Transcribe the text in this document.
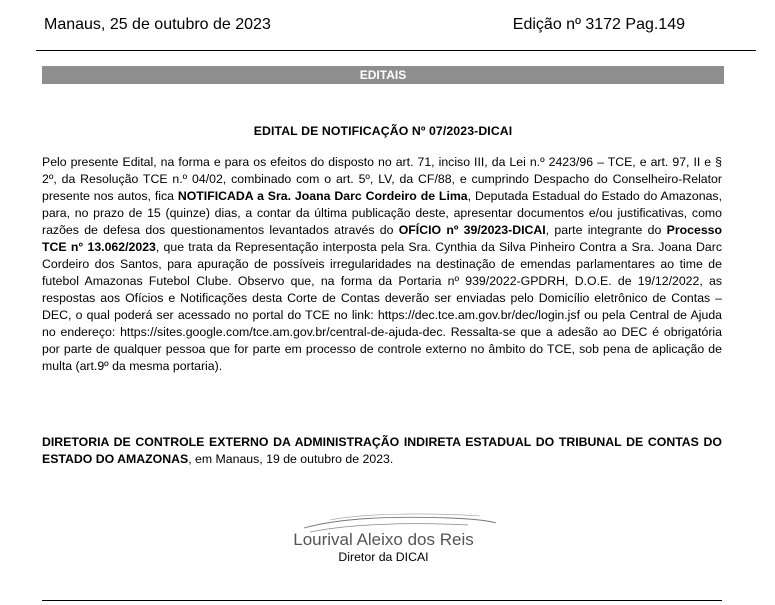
Manaus, 25 de outubro de 2023	Edição nº 3172 Pag.149
EDITAIS
EDITAL DE NOTIFICAÇÃO Nº 07/2023-DICAI

Pelo presente Edital, na forma e para os efeitos do disposto no art. 71, inciso III, da Lei n.º 2423/96 – TCE, e art. 97, II e § 2º, da Resolução TCE n.º 04/02, combinado com o art. 5º, LV, da CF/88, e cumprindo Despacho do Conselheiro-Relator presente nos autos, fica NOTIFICADA a Sra. Joana Darc Cordeiro de Lima, Deputada Estadual do Estado do Amazonas, para, no prazo de 15 (quinze) dias, a contar da última publicação deste, apresentar documentos e/ou justificativas, como razões de defesa dos questionamentos levantados através do OFÍCIO nº 39/2023-DICAI, parte integrante do Processo TCE n° 13.062/2023, que trata da Representação interposta pela Sra. Cynthia da Silva Pinheiro Contra a Sra. Joana Darc Cordeiro dos Santos, para apuração de possíveis irregularidades na destinação de emendas parlamentares ao time de futebol Amazonas Futebol Clube. Observo que, na forma da Portaria nº 939/2022-GPDRH, D.O.E. de 19/12/2022, as respostas aos Ofícios e Notificações desta Corte de Contas deverão ser enviadas pelo Domicílio eletrônico de Contas – DEC, o qual poderá ser acessado no portal do TCE no link: https://dec.tce.am.gov.br/dec/login.jsf ou pela Central de Ajuda no endereço: https://sites.google.com/tce.am.gov.br/central-de-ajuda-dec. Ressalta-se que a adesão ao DEC é obrigatória por parte de qualquer pessoa que for parte em processo de controle externo no âmbito do TCE, sob pena de aplicação de multa (art.9º da mesma portaria).

DIRETORIA DE CONTROLE EXTERNO DA ADMINISTRAÇÃO INDIRETA ESTADUAL DO TRIBUNAL DE CONTAS DO ESTADO DO AMAZONAS, em Manaus, 19 de outubro de 2023.

Lourival Aleixo dos Reis
Diretor da DICAI
